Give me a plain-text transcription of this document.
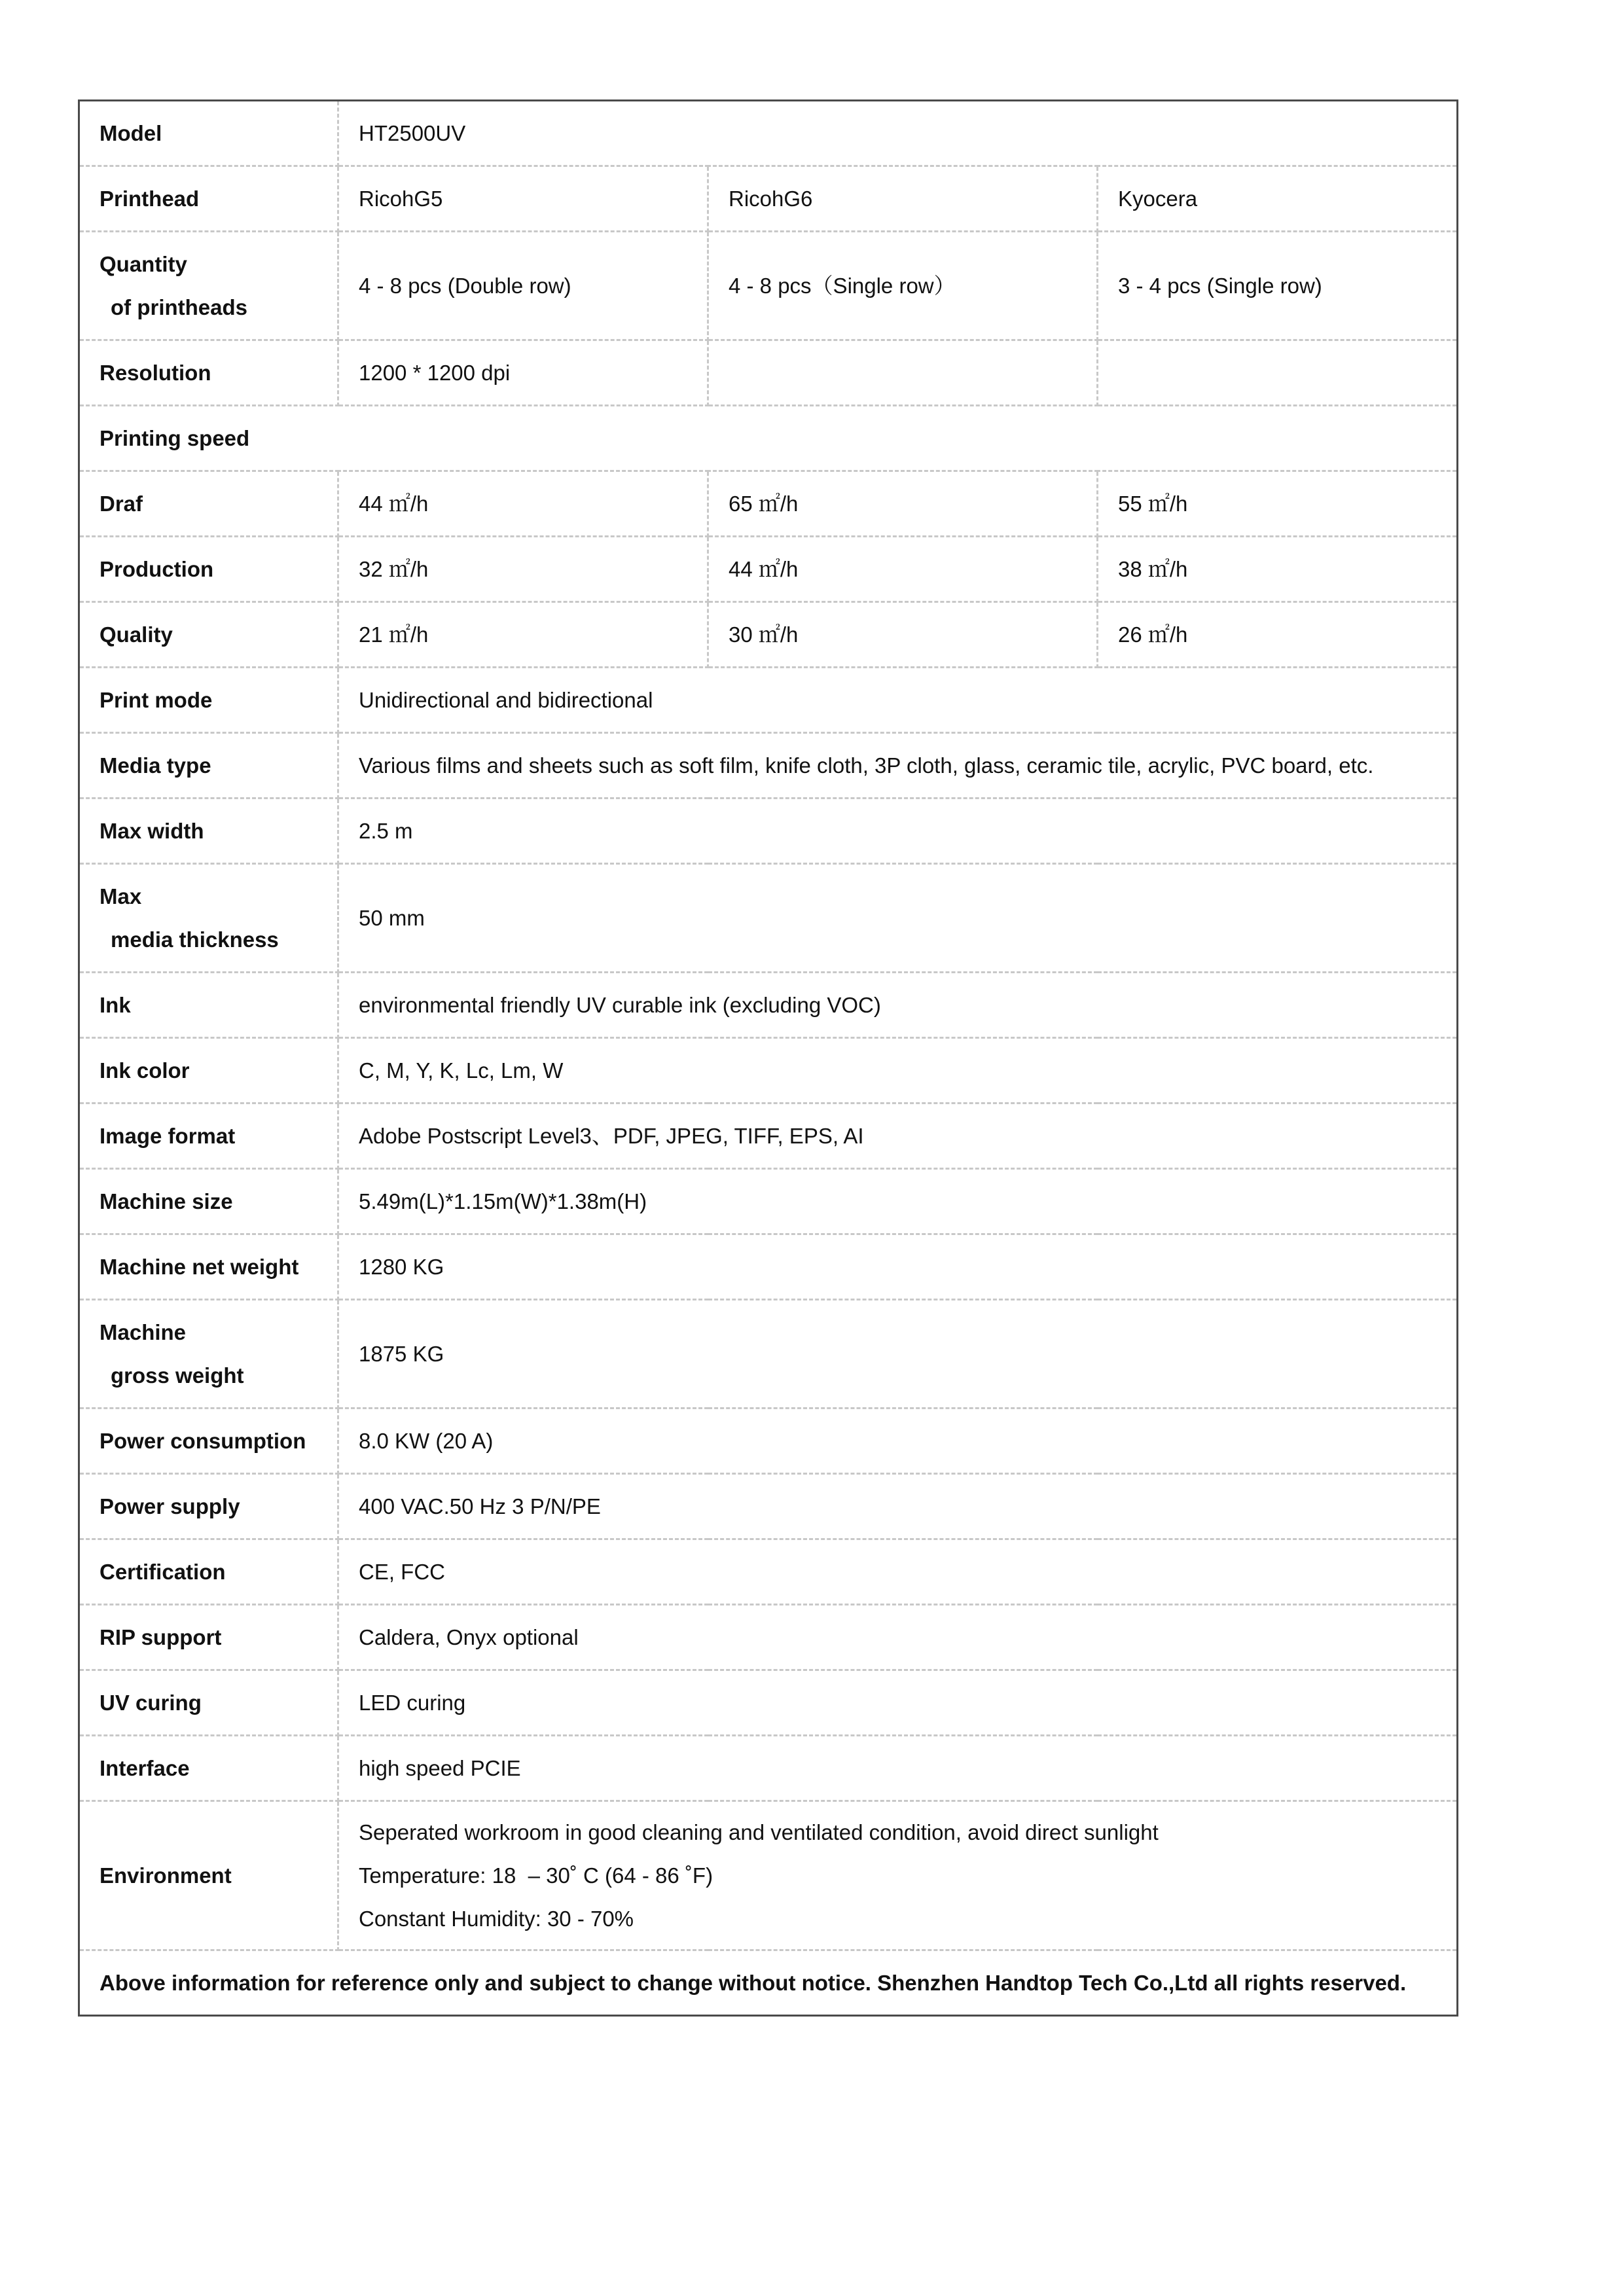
Model	HT2500UV		
Printhead	RicohG5	RicohG6	Kyocera

Quantity
of printheads	4 - 8 pcs (Double row)	4 - 8 pcs（Single row）	3 - 4 pcs (Single row)
Resolution	1200 * 1200 dpi		
Printing speed			
Draf	44 ㎡/h	65 ㎡/h	55 ㎡/h
Production	32 ㎡/h	44 ㎡/h	38 ㎡/h
Quality	21 ㎡/h	30 ㎡/h	26 ㎡/h
Print mode	Unidirectional and bidirectional		
Media type	Various films and sheets such as soft film, knife cloth, 3P cloth, glass, ceramic tile, acrylic, PVC board, etc.		
Max width	2.5 m		

Max
media thickness	50 mm		
Ink	environmental friendly UV curable ink (excluding VOC)		
Ink color	C, M, Y, K, Lc, Lm, W		
Image format	Adobe Postscript Level3、PDF, JPEG, TIFF, EPS, AI		
Machine size	5.49m(L)*1.15m(W)*1.38m(H)		
Machine net weight	1280 KG		

Machine
gross weight	1875 KG		
Power consumption	8.0 KW (20 A)		
Power supply	400 VAC.50 Hz 3 P/N/PE		
Certification	CE, FCC		
RIP support	Caldera, Onyx optional		
UV curing	LED curing		
Interface	high speed PCIE		
Environment	Seperated workroom in good cleaning and ventilated condition, avoid direct sunlight
Temperature: 18  – 30˚ C (64 - 86 ˚F)
Constant Humidity: 30 - 70%		

Above information for reference only and subject to change without notice. Shenzhen Handtop Tech Co.,Ltd all rights reserved.			
